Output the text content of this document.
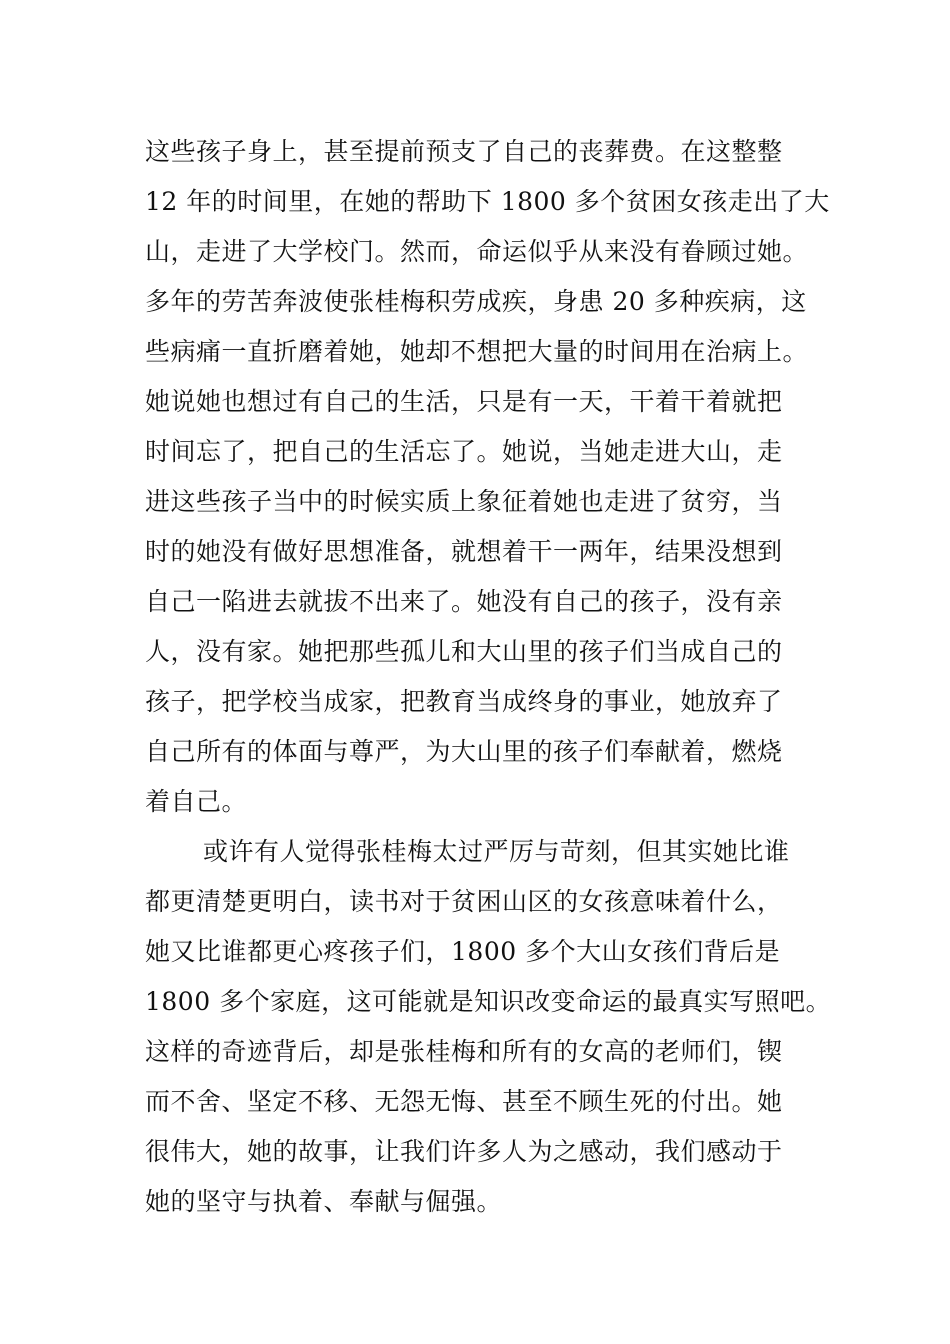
这些孩子身上，甚至提前预支了自己的丧葬费。在这整整
12 年的时间里，在她的帮助下 1800 多个贫困女孩走出了大
山，走进了大学校门。然而，命运似乎从来没有眷顾过她。
多年的劳苦奔波使张桂梅积劳成疾，身患 20 多种疾病，这
些病痛一直折磨着她，她却不想把大量的时间用在治病上。
她说她也想过有自己的生活，只是有一天，干着干着就把
时间忘了，把自己的生活忘了。她说，当她走进大山，走
进这些孩子当中的时候实质上象征着她也走进了贫穷，当
时的她没有做好思想准备，就想着干一两年，结果没想到
自己一陷进去就拔不出来了。她没有自己的孩子，没有亲
人，没有家。她把那些孤儿和大山里的孩子们当成自己的
孩子，把学校当成家，把教育当成终身的事业，她放弃了
自己所有的体面与尊严，为大山里的孩子们奉献着，燃烧
着自己。
或许有人觉得张桂梅太过严厉与苛刻，但其实她比谁
都更清楚更明白，读书对于贫困山区的女孩意味着什么，
她又比谁都更心疼孩子们，1800 多个大山女孩们背后是
1800 多个家庭，这可能就是知识改变命运的最真实写照吧。
这样的奇迹背后，却是张桂梅和所有的女高的老师们，锲
而不舍、坚定不移、无怨无悔、甚至不顾生死的付出。她
很伟大，她的故事，让我们许多人为之感动，我们感动于
她的坚守与执着、奉献与倔强。
